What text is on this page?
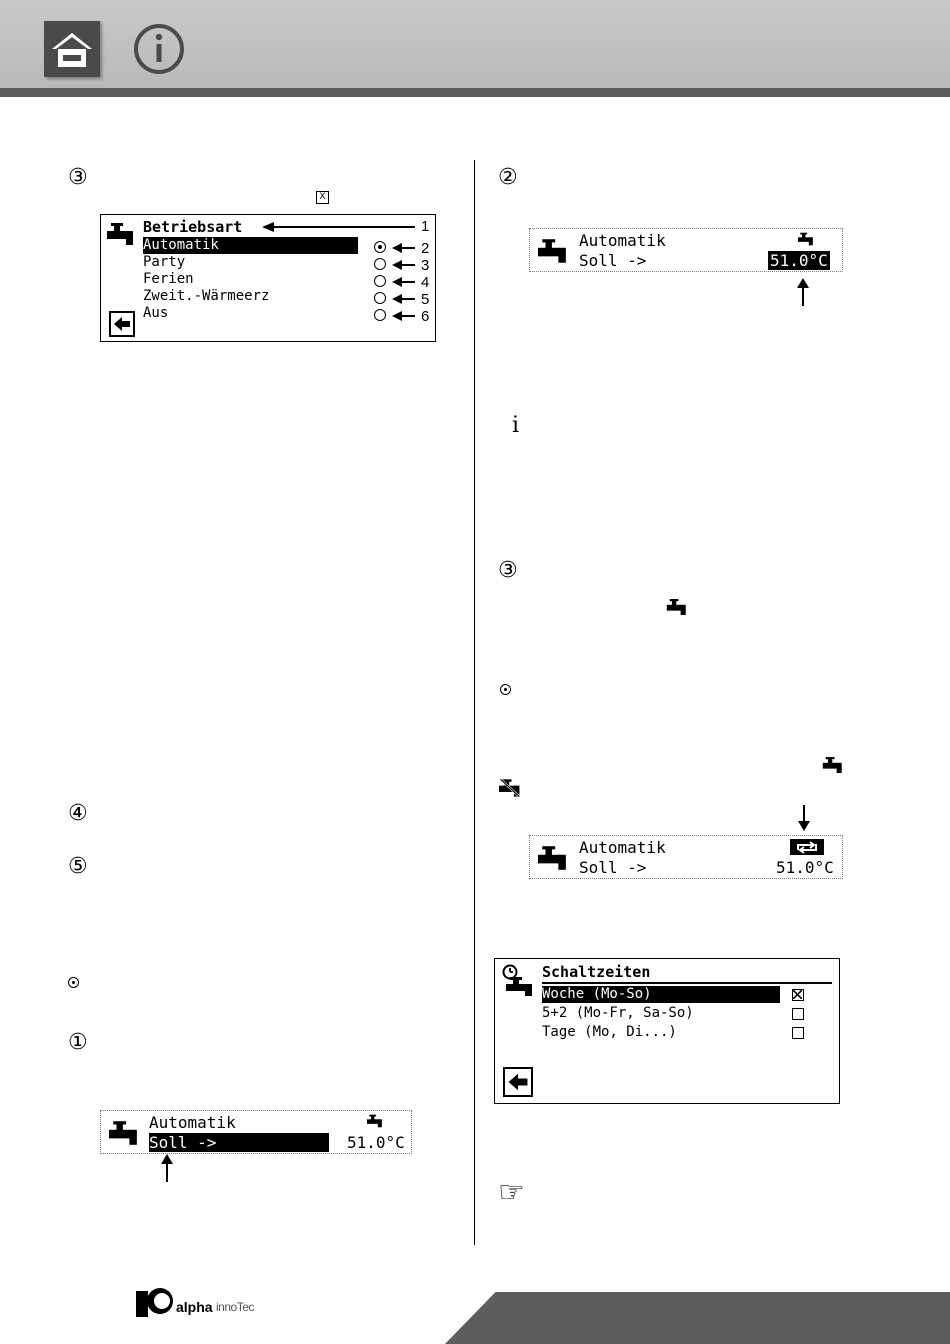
③
X
Betriebsart
Automatik
Party
Ferien
Zweit.-Wärmeerz
Aus
1
2
3
4
5
6
④
⑤
①
Automatik
Soll ->	51.0°C
②
Automatik
Soll ->	51.0°C
i
③
Automatik
Soll ->	51.0°C
Schaltzeiten
Woche (Mo-So)
5+2 (Mo-Fr, Sa-So)
Tage (Mo, Di...)
☞
alpha innoTec
